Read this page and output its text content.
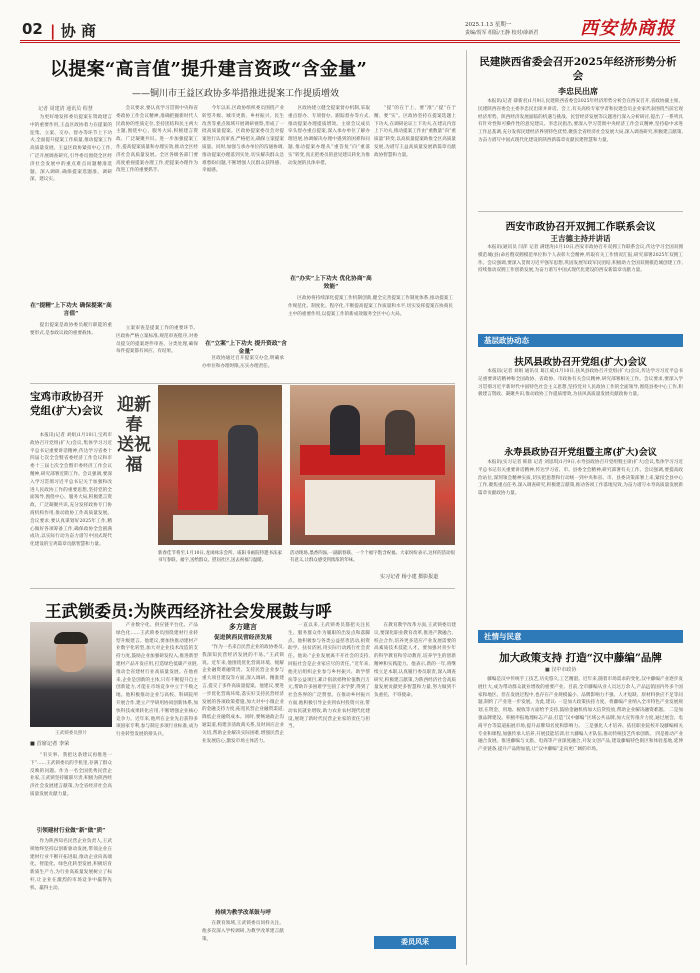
02 | 协 商	2025.1.13 星期一
责编/贺军 组版/王静 校对/薛新君 西安协商报
以提案“高言值”提升建言资政“含金量”
——铜川市王益区政协多举措推进提案工作提质增效
记者 周建清 通讯员 程慧
　　为更好地发挥委员提案在资政建言中的重要作用,王益区政协着力在提案的征集、立案、交办、督办等环节上下功夫,全面提升提案工作质量,推动提案工作高质量发展。王益区政协紧扣中心工作,广泛开展调查研究,引导委员围绕全区经济社会发展中的重点难点问题精准选题、深入调研,确保提案选题准、调研深、建议实。
　　会议要求,要认真学习贯彻中央和省委政协工作会议精神,准确把握新时代人民政协的性质定位,坚持团结和民主两大主题,围绕中心、服务大局,积极建言资政、广泛凝聚共识。进一步加强提案工作,提高提案质量和办理实效,推动全区经济社会高质量发展。全区各级各部门要高度重视提案办理工作,把提案办理作为改进工作的重要抓手。
　　今年以来,区政协组织委员围绕产业转型升级、城市更新、乡村振兴、民生改善等重点领域开展调研视察,形成了一批高质量提案。区政协提案委员会对提案进行认真审查,严格把关,确保立案提案质量。同时,加强与承办单位的沟通协调,推动提案办理落到实处,切实解决群众急难愁盼问题,不断增强人民群众获得感、幸福感。
　　区政协建立健全提案督办机制,采取重点督办、专项督办、跟踪督办等方式,推动提案办理提质增效。主席会议成员牵头督办重点提案,深入承办单位了解办理进展,协调解决办理中遇到的困难和问题,推动提案办理从“重答复”向“重落实”转变,真正把委员的意见建议转化为推动发展的具体举措。
　　“提”的在于上、要“准”;“提”在于精、要“实”。区政协坚持在提案选题上下功夫,在调研论证上下功夫,在建议内容上下功夫,推动提案工作由“重数量”向“重质量”转变,以高质量提案助推全区高质量发展,为谱写王益高质量发展新篇章贡献政协智慧和力量。
在“提精”上下功夫 确保提案“高言值”
在“立案”上下功夫 提升资政“含金量”
在“办实”上下功夫 优化协商“高效能”
　　提出提案是政协委员履行职能的重要形式,是参政议政的重要载体。
　　立案审查是提案工作的重要环节。区政协严格立案标准,规范审查程序,对委员提交的提案逐件审查、分类处理,确保每件提案都有回应、有结果。
　　区政协通过召开提案交办会,明确承办单位和办理时限,压实办理责任。
　　区政协将持续深化提案工作机制创新,健全完善提案工作制度体系,推动提案工作规范化、制度化、程序化,不断提高提案工作质量和水平,切实发挥提案在协商民主中的重要作用,以提案工作的新成效服务全区中心大局。
民建陕西省委会召开2025年经济形势分析会
李忠民出席
　　本报讯(记者 薛新君)1月9日,民建陕西省委会2025年经济形势分析会在西安召开,省政协副主席、民建陕西省委会主委李忠民出席并讲话。会上,有关高校专家学者和民建会员企业家代表围绕当前宏观经济形势、陕西经济发展面临的机遇与挑战、民营经济发展等议题进行深入分析研讨,提出了一系列具有针对性和可操作性的意见建议。李忠民指出,要深入学习贯彻中央经济工作会议精神,坚持稳中求进工作总基调,充分发挥民建经济界别特色优势,聚焦全省经济社会发展大局,深入调查研究,积极建言献策,为奋力谱写中国式现代化建设的陕西新篇章贡献民建智慧和力量。
西安市政协召开双拥工作联系会议
王吉德主持并讲话
　　本报讯(通讯员 闫萍 记者 满建涛)1月10日,西安市政协召开双拥工作联系会议,传达学习全国双拥模范城(县)命名暨双拥模范单位和个人表彰大会精神,听取有关工作情况汇报,研究部署2025年双拥工作。会议强调,要深入贯彻习近平强军思想,巩固发展军政军民团结,积极助力全国双拥模范城创建工作,持续推动双拥工作创新发展,为奋力谱写中国式现代化建设的西安新篇章贡献力量。
基层政协动态
扶风县政协召开党组(扩大)会议
　　本报讯(记者 刘娟 通讯员 葛江威)1月10日,扶风县政协召开党组(扩大)会议,传达学习习近平总书记重要讲话精神和全国政协、省政协、市政协有关会议精神,研究部署相关工作。会议要求,要深入学习贯彻习近平新时代中国特色社会主义思想,坚持党对人民政协工作的全面领导,围绕县委中心工作,积极建言资政、凝聚共识,推动政协工作提质增效,为扶风高质量发展贡献政协力量。
永寿县政协召开党组暨主席(扩大)会议
　　本报讯(实习记者 韩晨 记者 刘思琪)1月9日,永寿县政协召开党组暨主席(扩大)会议,集体学习习近平总书记有关重要讲话精神,传达学习省、市、县委全会精神,研究部署有关工作。会议强调,要提高政治站位,深刻领会精神实质,切实把思想和行动统一到中央和省、市、县委决策部署上来,紧扣全县中心工作,聚焦重点任务,深入调查研究,积极建言献策,推动各项工作落地见效,为奋力谱写永寿高质量发展新篇章贡献政协力量。
宝鸡市政协召开党组(扩大)会议
　　本报讯(记者 刘娟)1月10日,宝鸡市政协召开党组(扩大)会议,集体学习习近平总书记重要讲话精神,传达学习省委十四届七次全会暨省委经济工作会议和市委十三届七次全会暨市委经济工作会议精神,研究部署近期工作。会议强调,要深入学习贯彻习近平总书记关于加强和改进人民政协工作的重要思想,坚持党的全面领导,围绕中心、服务大局,积极建言资政、广泛凝聚共识,充分发挥政协专门协商机构作用,推动政协工作高质量发展。会议要求,要认真谋划好2025年工作,精心做好各项筹备工作,确保政协全会圆满成功,以实际行动为奋力谱写中国式现代化建设的宝鸡篇章贡献智慧和力量。
迎新春 送祝福
新春佳节将至,1月10日,龙岗咏乐会所、咸阳书画院特邀书法家书写春联、福字,送给群众、慰问社区,送去祝福与温暖。
活动现场,墨香四溢,一副副春联、一个个福字饱含祝福。大家纷纷表示,这样的活动很有意义,让群众感受到浓浓的年味。
实习记者 杨小建 摄影报道
王武锁委员:为陕西经济社会发展鼓与呼
王武锁委员照片
■ 首席记者 李荣
　　“有实事、我把这条建议再推进一下”……王武锁委员的手机里,存满了群众反映的问题。作为一名全国优秀民营企业家,王武锁坚持履职尽责,积极为陕西经济社会发展建言献策,为全省经济社会高质量发展贡献力量。
引领建材行业做“新”做“质”
　　作为陕西知名民营企业负责人,王武锁始终坚持以创新驱动发展,带领企业在建材行业不断开拓进取,推动企业向高端化、智能化、绿色化转型发展,积极培育新质生产力,为行业高质量发展树立了标杆,让企业在激烈的市场竞争中赢得先机、赢得主动。
　　产业数字化、供应链平台化、产品绿色化……王武锁委员围绕建材行业转型升级建言。他建议,要加快推动建材产业数字化转型,加大对企业技术改造的支持力度,鼓励企业加强研发投入,推进新型建材产品开发应用,打造绿色低碳产业链,推动全省建材行业高质量发展。在他看来,企业是创新的主体,只有不断提升自主创新能力,才能在市场竞争中立于不败之地。他积极推动企业与高校、科研院所开展合作,建立产学研用协同创新体系,加快科技成果转化应用,不断增强企业核心竞争力。近年来,他所在企业先后获得多项国家专利,参与制定多项行业标准,成为行业转型发展的排头兵。
多方建言
促进陕西民营经济发展
　　“作为一名来自民营企业的政协委员,我深知民营经济发展的不易。”王武锁说。近年来,他围绕优化营商环境、缓解企业融资难融资贵、支持民营企业参与重大项目建设等方面,深入调研、精准建言,提交了多件高质量提案。他建议,要进一步优化营商环境,落实好支持民营经济发展的各项政策措施,加大对中小微企业的金融支持力度,拓宽民营企业融资渠道,降低企业融资成本。同时,要畅通政企沟通渠道,构建亲清政商关系,及时回应企业关切,帮助企业解决实际困难,增强民营企业发展信心,激发市场主体活力。
持续为教学改革鼓与呼
　　在教育领域,王武锁委员同样关注。他多次深入学校调研,为教学改革建言献策。
　　一直以来,王武锁委员都把关注民生、服务群众作为履职的出发点和落脚点。他积极参与各类公益慈善活动,捐资助学、扶贫济困,用实际行动践行社会责任。他说:“企业发展离不开社会的支持,回报社会是企业家应尽的责任。”近年来,他先后组织企业参与乡村振兴、助学帮扶等公益项目,累计捐款捐物价值数百万元,帮助许多困难学生圆了求学梦,得到了社会各界的广泛赞誉。在推动乡村振兴方面,他积极引导企业到农村投资兴业,带动农民就业增收,助力农业农村现代化建设,展现了新时代民营企业家的责任与担当。
　　在教育教学改革方面,王武锁委员建议,要深化职业教育改革,推进产教融合、校企合作,培养更多适应产业发展需要的高素质技术技能人才。要加强对青少年的科学教育和劳动教育,培养学生的创新精神和实践能力。他表示,新的一年,将继续立足本职,认真履行委员职责,深入调查研究,积极建言献策,为陕西经济社会高质量发展贡献更多智慧和力量,努力做到不负重托、不辱使命。
委员风采
社情与民意
加大政策支持 打造“汉中藤编”品牌
■ 汉中市政协
　　藤编是汉中传统手工技艺,历史悠久,工艺精湛。近年来,随着市场需求的变化,汉中藤编产业逐步发展壮大,成为带动群众就业增收的重要产业。目前,全市藤编从业人员达万余人,产品远销国内外多个国家和地区。但在发展过程中,也存在产业规模偏小、品牌影响力不强、人才短缺、原材料供应不足等问题,制约了产业进一步发展。为此,建议: 一是加大政策扶持力度。将藤编产业纳入全市特色产业发展规划,在资金、用地、税收等方面给予支持,鼓励金融机构加大信贷投放,帮助企业解决融资难题。 二是加强品牌建设。积极申报地理标志产品,打造“汉中藤编”区域公共品牌,加大宣传推介力度,通过展会、电商平台等渠道拓展市场,提升品牌知名度和影响力。 三是强化人才培养。依托职业院校开设藤编相关专业和课程,加强传承人培养,开展技能培训,壮大藤编人才队伍,推动传统技艺传承创新。 四是推动产业融合发展。推进藤编与文旅、电商等产业深度融合,开发文创产品,建设藤编特色街区和体验基地,延伸产业链条,提升产品附加值,让“汉中藤编”走向更广阔的市场。
